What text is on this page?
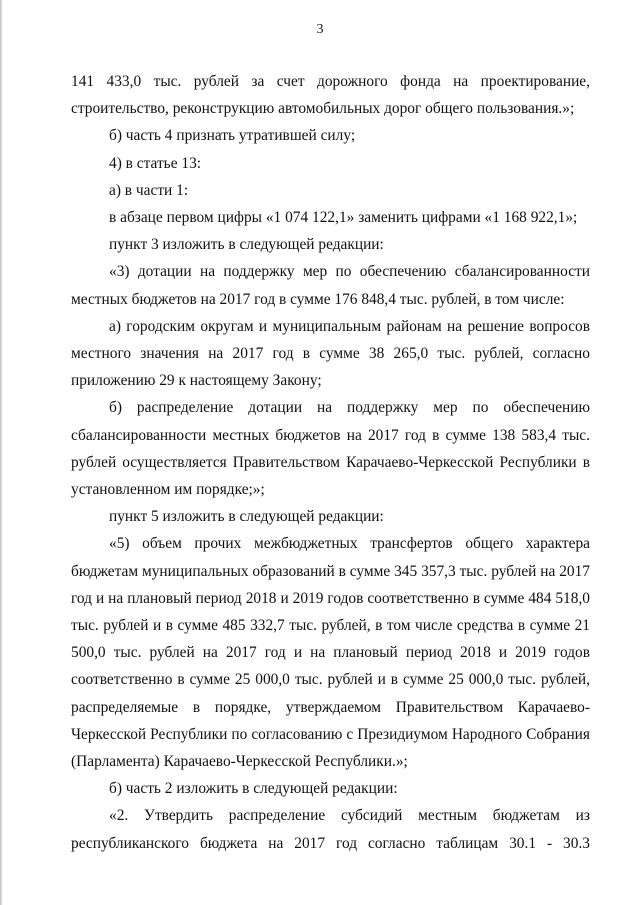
3

141 433,0 тыс. рублей за счет дорожного фонда на проектирование, строительство, реконструкцию автомобильных дорог общего пользования.»;

б) часть 4 признать утратившей силу;

4) в статье 13:

а) в части 1:

в абзаце первом цифры «1 074 122,1» заменить цифрами «1 168 922,1»;

пункт 3 изложить в следующей редакции:

«3) дотации на поддержку мер по обеспечению сбалансированности местных бюджетов на 2017 год в сумме 176 848,4 тыс. рублей, в том числе:

а) городским округам и муниципальным районам на решение вопросов местного значения на 2017 год в сумме 38 265,0 тыс. рублей, согласно приложению 29 к настоящему Закону;

б) распределение дотации на поддержку мер по обеспечению сбалансированности местных бюджетов на 2017 год в сумме 138 583,4 тыс. рублей осуществляется Правительством Карачаево-Черкесской Республики в установленном им порядке;»;

пункт 5 изложить в следующей редакции:

«5) объем прочих межбюджетных трансфертов общего характера бюджетам муниципальных образований в сумме 345 357,3 тыс. рублей на 2017 год и на плановый период 2018 и 2019 годов соответственно в сумме 484 518,0 тыс. рублей и в сумме 485 332,7 тыс. рублей, в том числе средства в сумме 21 500,0 тыс. рублей на 2017 год и на плановый период 2018 и 2019 годов соответственно в сумме 25 000,0 тыс. рублей и в сумме 25 000,0 тыс. рублей, распределяемые в порядке, утверждаемом Правительством Карачаево-Черкесской Республики по согласованию с Президиумом Народного Собрания (Парламента) Карачаево-Черкесской Республики.»;

б) часть 2 изложить в следующей редакции:

«2. Утвердить распределение субсидий местным бюджетам из республиканского бюджета на 2017 год согласно таблицам 30.1 - 30.3
